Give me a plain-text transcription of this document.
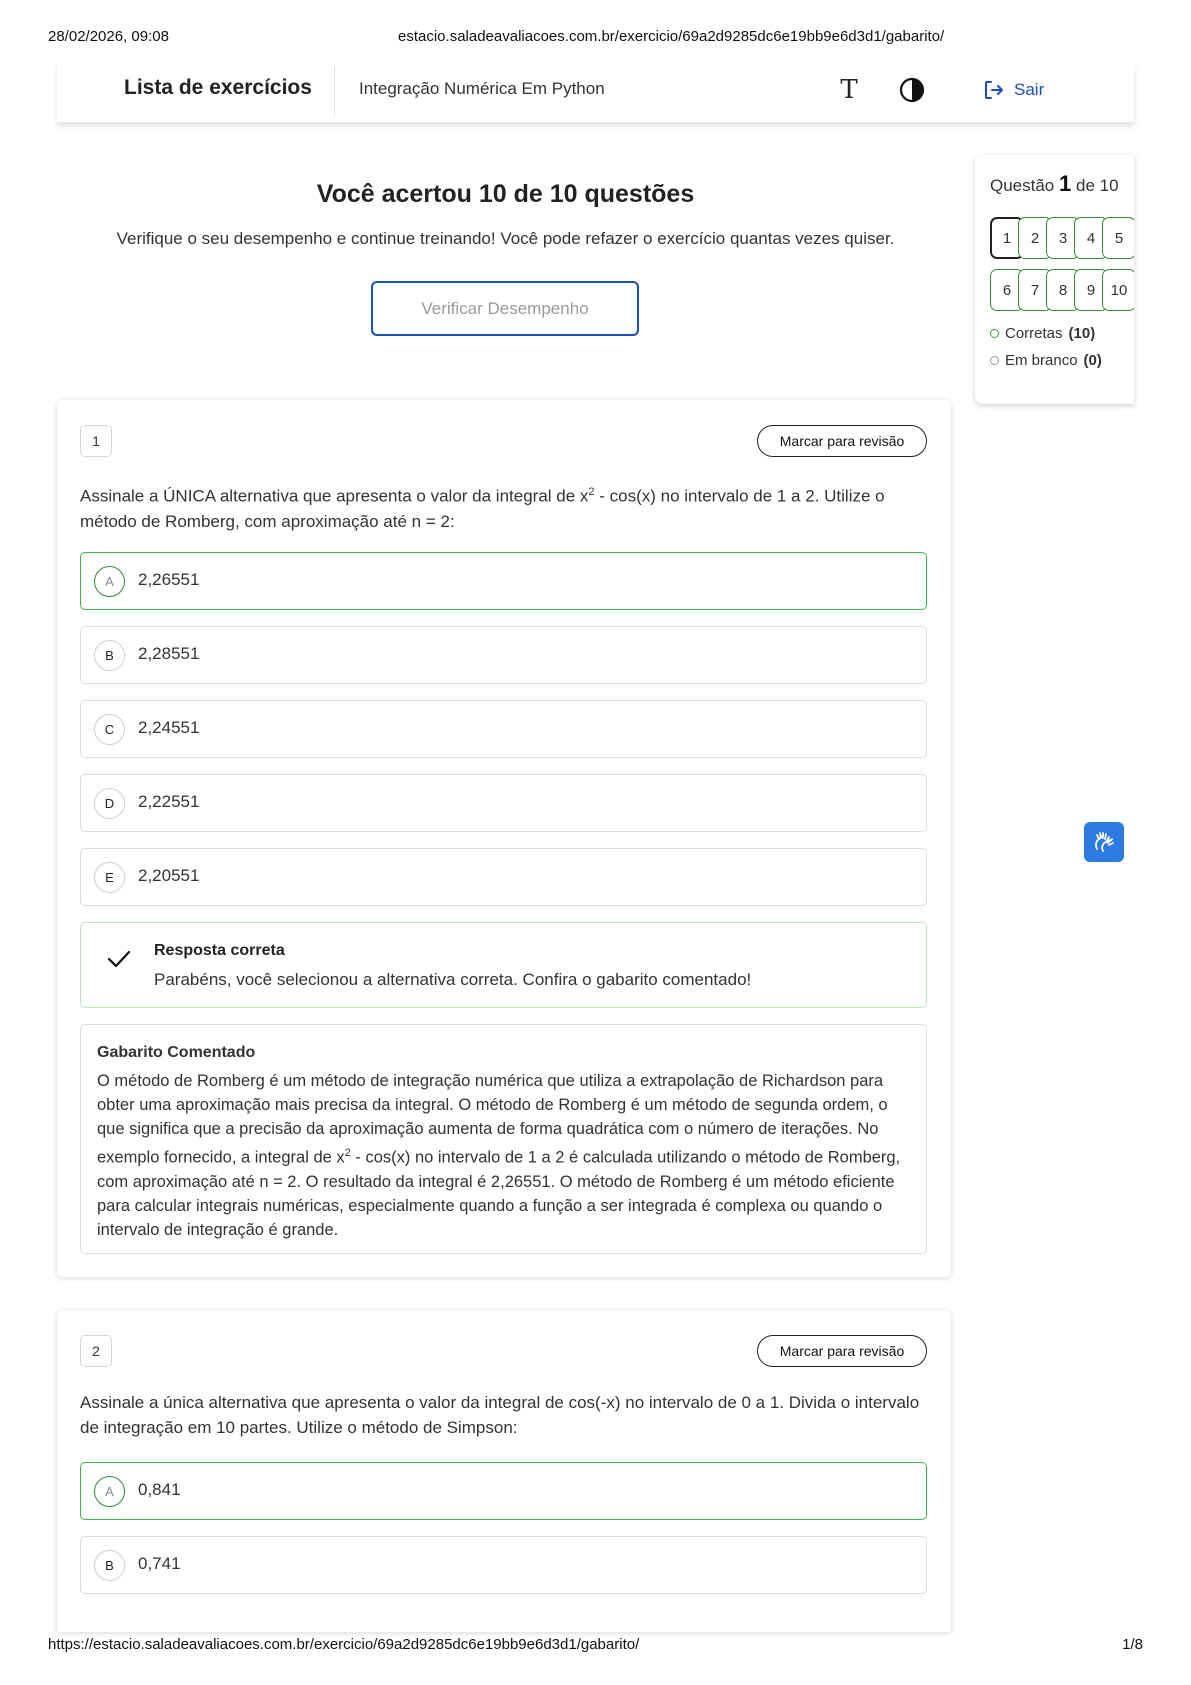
28/02/2026, 09:08	estacio.saladeavaliacoes.com.br/exercicio/69a2d9285dc6e19bb9e6d3d1/gabarito/
Lista de exercícios	Integração Numérica Em Python	T	Sair
Você acertou 10 de 10 questões

Verifique o seu desempenho e continue treinando! Você pode refazer o exercício quantas vezes quiser.

Verificar Desempenho
Questão 1 de 10
1	2	3	4	5
6	7	8	9	10
Corretas (10)
Em branco (0)
1	Marcar para revisão
Assinale a ÚNICA alternativa que apresenta o valor da integral de $x^2 - \cos(x)$ no intervalo de 1 a 2. Utilize o método de Romberg, com aproximação até n = 2:
A	2,26551
B	2,28551
C	2,24551
D	2,22551
E	2,20551
Resposta correta
Parabéns, você selecionou a alternativa correta. Confira o gabarito comentado!
Gabarito Comentado
O método de Romberg é um método de integração numérica que utiliza a extrapolação de Richardson para obter uma aproximação mais precisa da integral. O método de Romberg é um método de segunda ordem, o que significa que a precisão da aproximação aumenta de forma quadrática com o número de iterações. No exemplo fornecido, a integral de $x^2 - \cos(x)$ no intervalo de 1 a 2 é calculada utilizando o método de Romberg, com aproximação até n = 2. O resultado da integral é 2,26551. O método de Romberg é um método eficiente para calcular integrais numéricas, especialmente quando a função a ser integrada é complexa ou quando o intervalo de integração é grande.
2	Marcar para revisão
Assinale a única alternativa que apresenta o valor da integral de cos(-x) no intervalo de 0 a 1. Divida o intervalo de integração em 10 partes. Utilize o método de Simpson:
A	0,841
B	0,741
https://estacio.saladeavaliacoes.com.br/exercicio/69a2d9285dc6e19bb9e6d3d1/gabarito/	1/8
